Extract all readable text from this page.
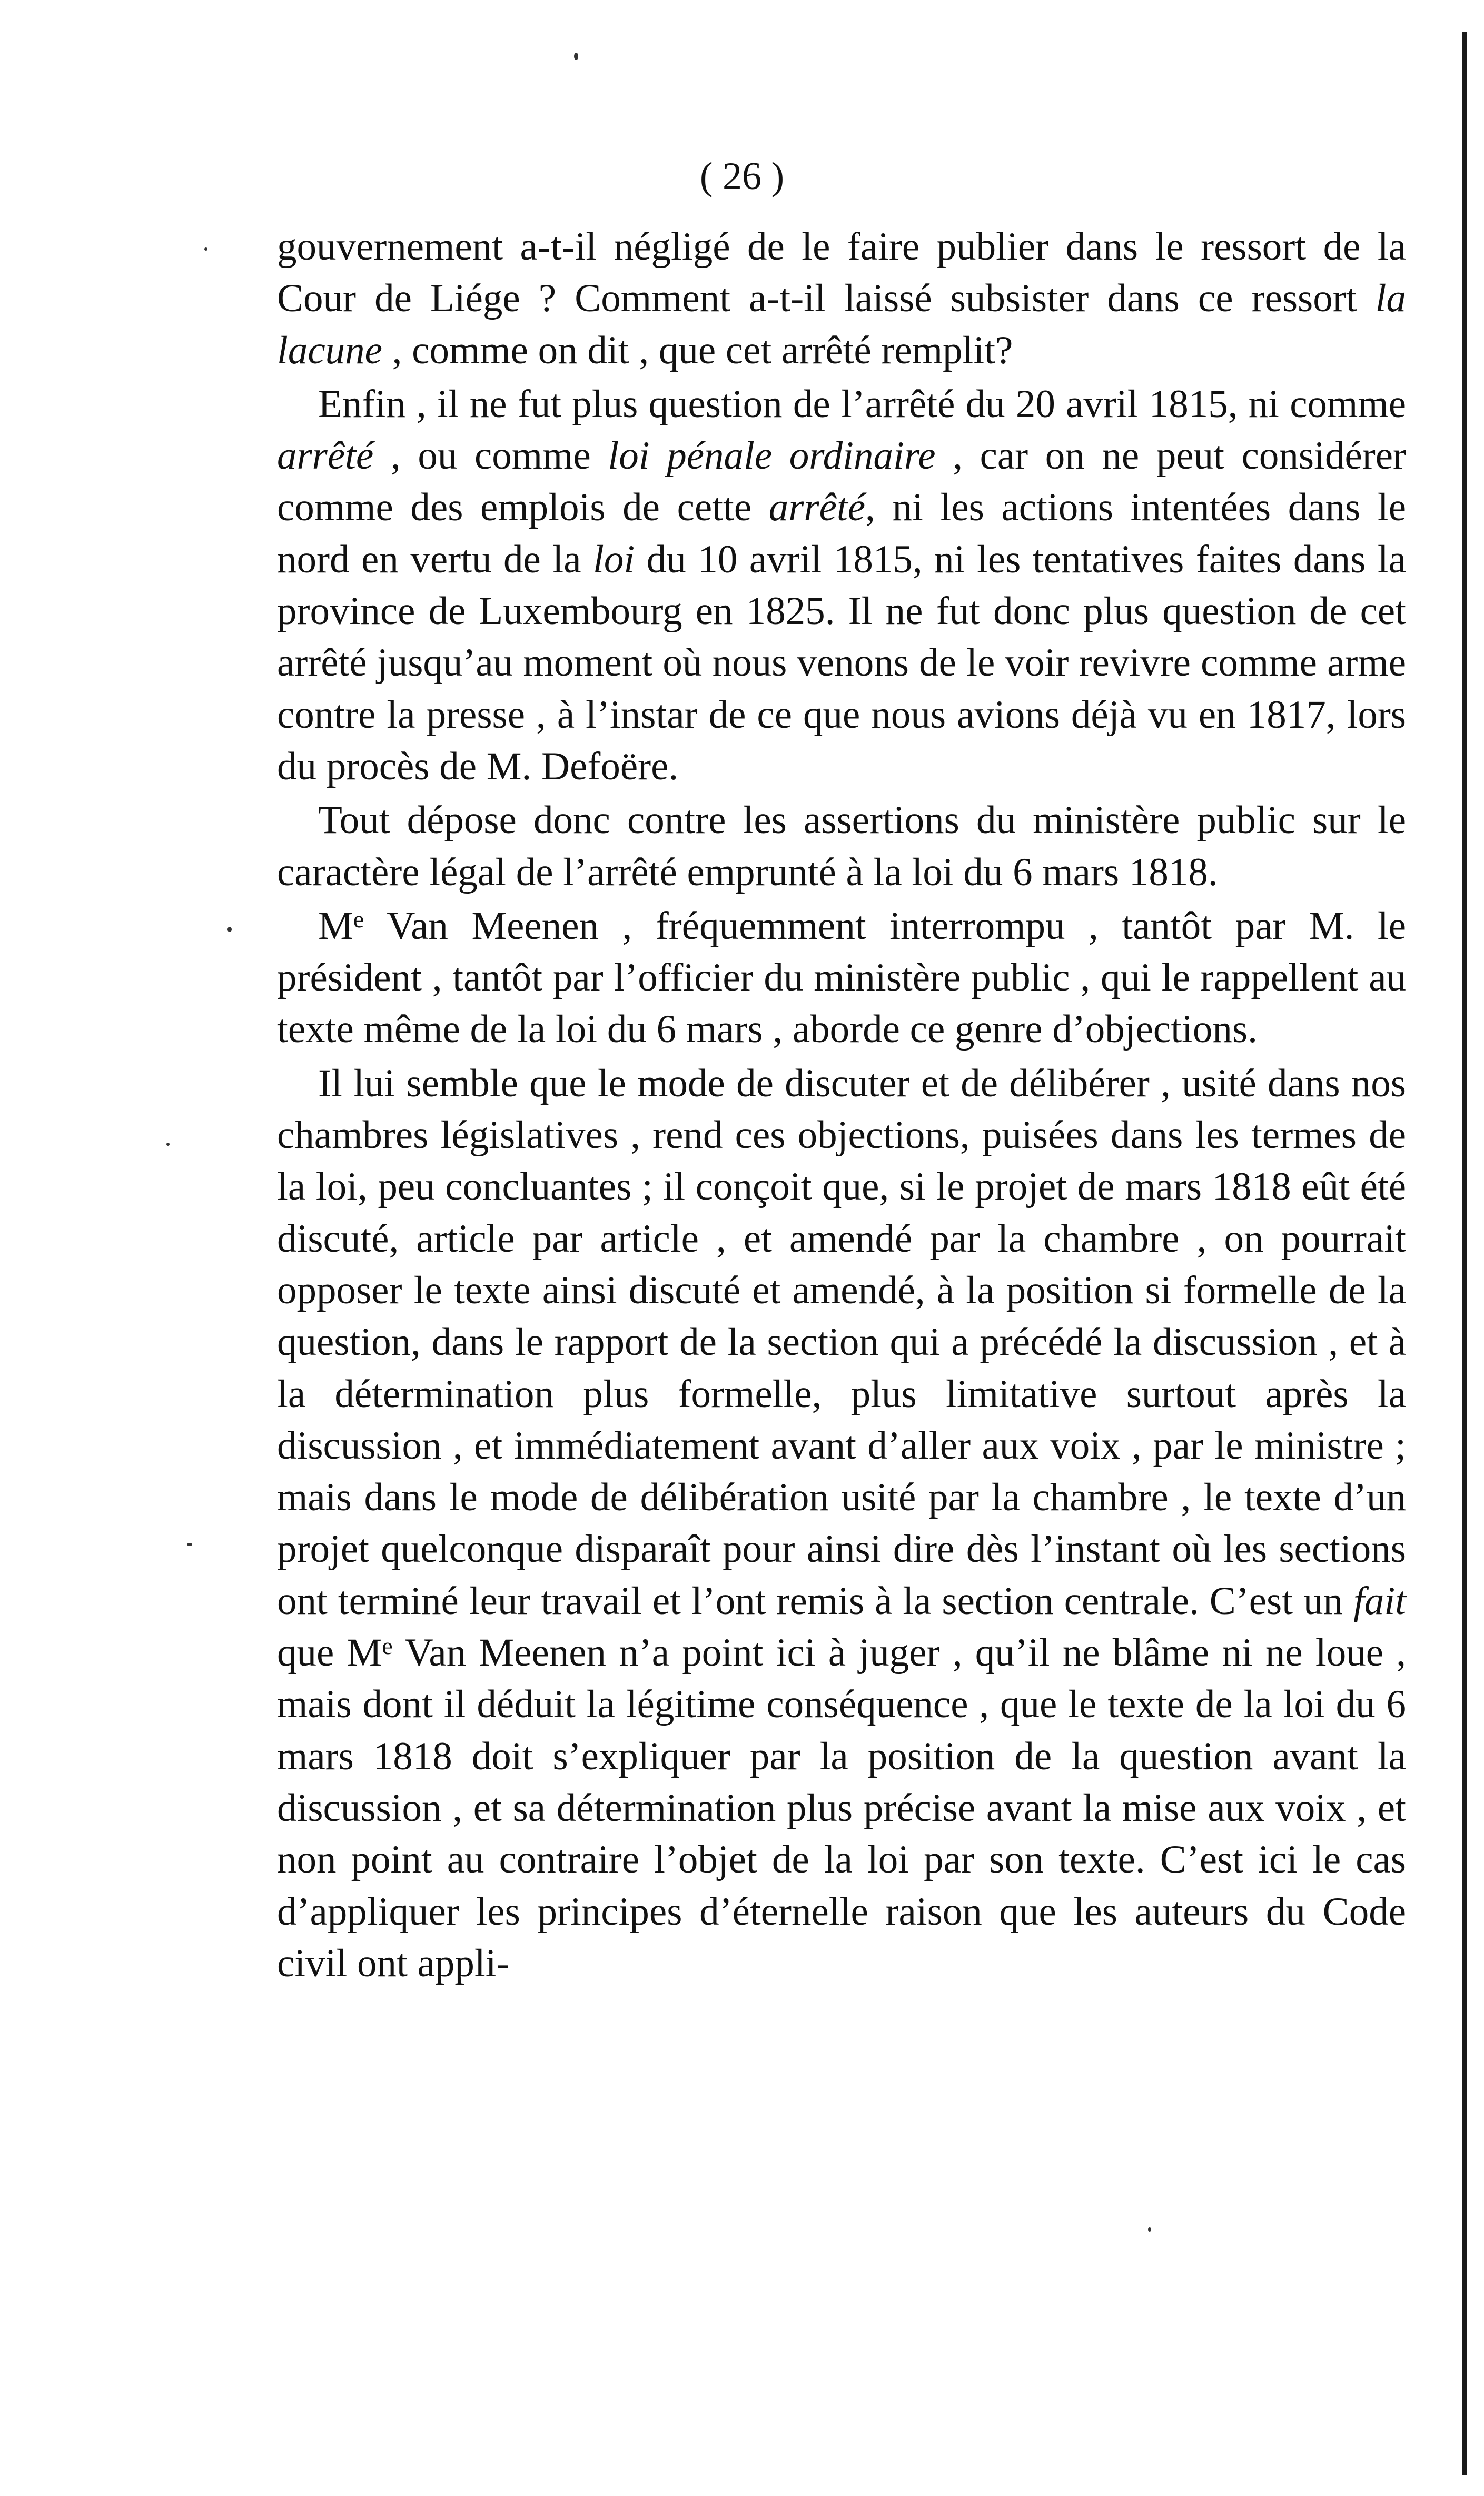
( 26 )

gouvernement a-t-il négligé de le faire publier dans le ressort de la Cour de Liége ? Comment a-t-il laissé subsister dans ce ressort la lacune , comme on dit , que cet arrêté remplit?

Enfin , il ne fut plus question de l’arrêté du 20 avril 1815, ni comme arrêté , ou comme loi pénale ordinaire , car on ne peut considérer comme des emplois de cette arrêté, ni les actions intentées dans le nord en vertu de la loi du 10 avril 1815, ni les tentatives faites dans la province de Luxembourg en 1825. Il ne fut donc plus question de cet arrêté jusqu’au moment où nous venons de le voir revivre comme arme contre la presse , à l’instar de ce que nous avions déjà vu en 1817, lors du procès de M. Defoëre.

Tout dépose donc contre les assertions du ministère public sur le caractère légal de l’arrêté emprunté à la loi du 6 mars 1818.

Me Van Meenen , fréquemment interrompu , tantôt par M. le président , tantôt par l’officier du ministère public , qui le rappellent au texte même de la loi du 6 mars , aborde ce genre d’objections.

Il lui semble que le mode de discuter et de délibérer , usité dans nos chambres législatives , rend ces objections, puisées dans les termes de la loi, peu concluantes ; il conçoit que, si le projet de mars 1818 eût été discuté, article par article , et amendé par la chambre , on pourrait opposer le texte ainsi discuté et amendé, à la position si formelle de la question, dans le rapport de la section qui a précédé la discussion , et à la détermination plus formelle, plus limitative surtout après la discussion , et immédiatement avant d’aller aux voix , par le ministre ; mais dans le mode de délibération usité par la chambre , le texte d’un projet quelconque disparaît pour ainsi dire dès l’instant où les sections ont terminé leur travail et l’ont remis à la section centrale. C’est un fait que Me Van Meenen n’a point ici à juger , qu’il ne blâme ni ne loue , mais dont il déduit la légitime conséquence , que le texte de la loi du 6 mars 1818 doit s’expliquer par la position de la question avant la discussion , et sa détermination plus précise avant la mise aux voix , et non point au contraire l’objet de la loi par son texte. C’est ici le cas d’appliquer les principes d’éternelle raison que les auteurs du Code civil ont appli-
